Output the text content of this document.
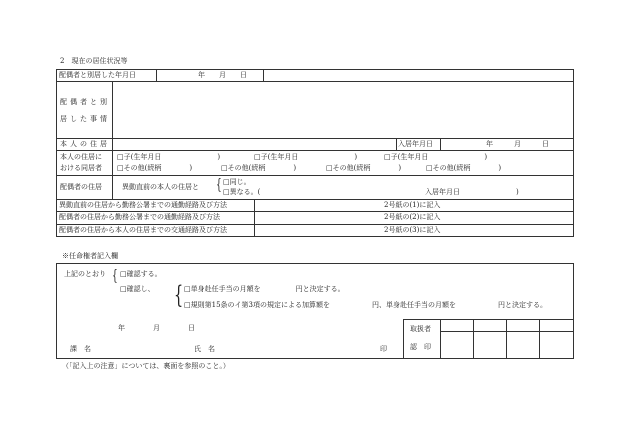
2　現在の居住状況等
配偶者と別居した年月日	年　　月　　日
配偶者と別
居した事情
本人の住居	入居年月日	年　　　月　　　日
本人の住居に
おける同居者
□子(生年月日　　　　　　　　)	□子(生年月日　　　　　　　　)	□子(生年月日　　　　　　　　)
□その他(続柄　　　　)	□その他(続柄　　　　)	□その他(続柄　　　　)	□その他(続柄　　　　)
配偶者の住居	異動直前の本人の住居と { □同じ。
□異なる。(	入居年月日　　　　　　　　)
異動直前の住居から勤務公署までの通勤経路及び方法	2号紙の(1)に記入
配偶者の住居から勤務公署までの通勤経路及び方法	2号紙の(2)に記入
配偶者の住居から本人の住居までの交通経路及び方法	2号紙の(3)に記入
※任命権者記入欄
上記のとおり { □確認する。
□確認し、 { □単身赴任手当の月額を　　　　　円と決定する。
□規則第15条のイ第3項の規定による加算額を　　　　　　円、単身赴任手当の月額を　　　　　　円と決定する。
年　　　　月　　　　日
課　名	氏　名	印
取扱者
認　印
（「記入上の注意」については、裏面を参照のこと。）
